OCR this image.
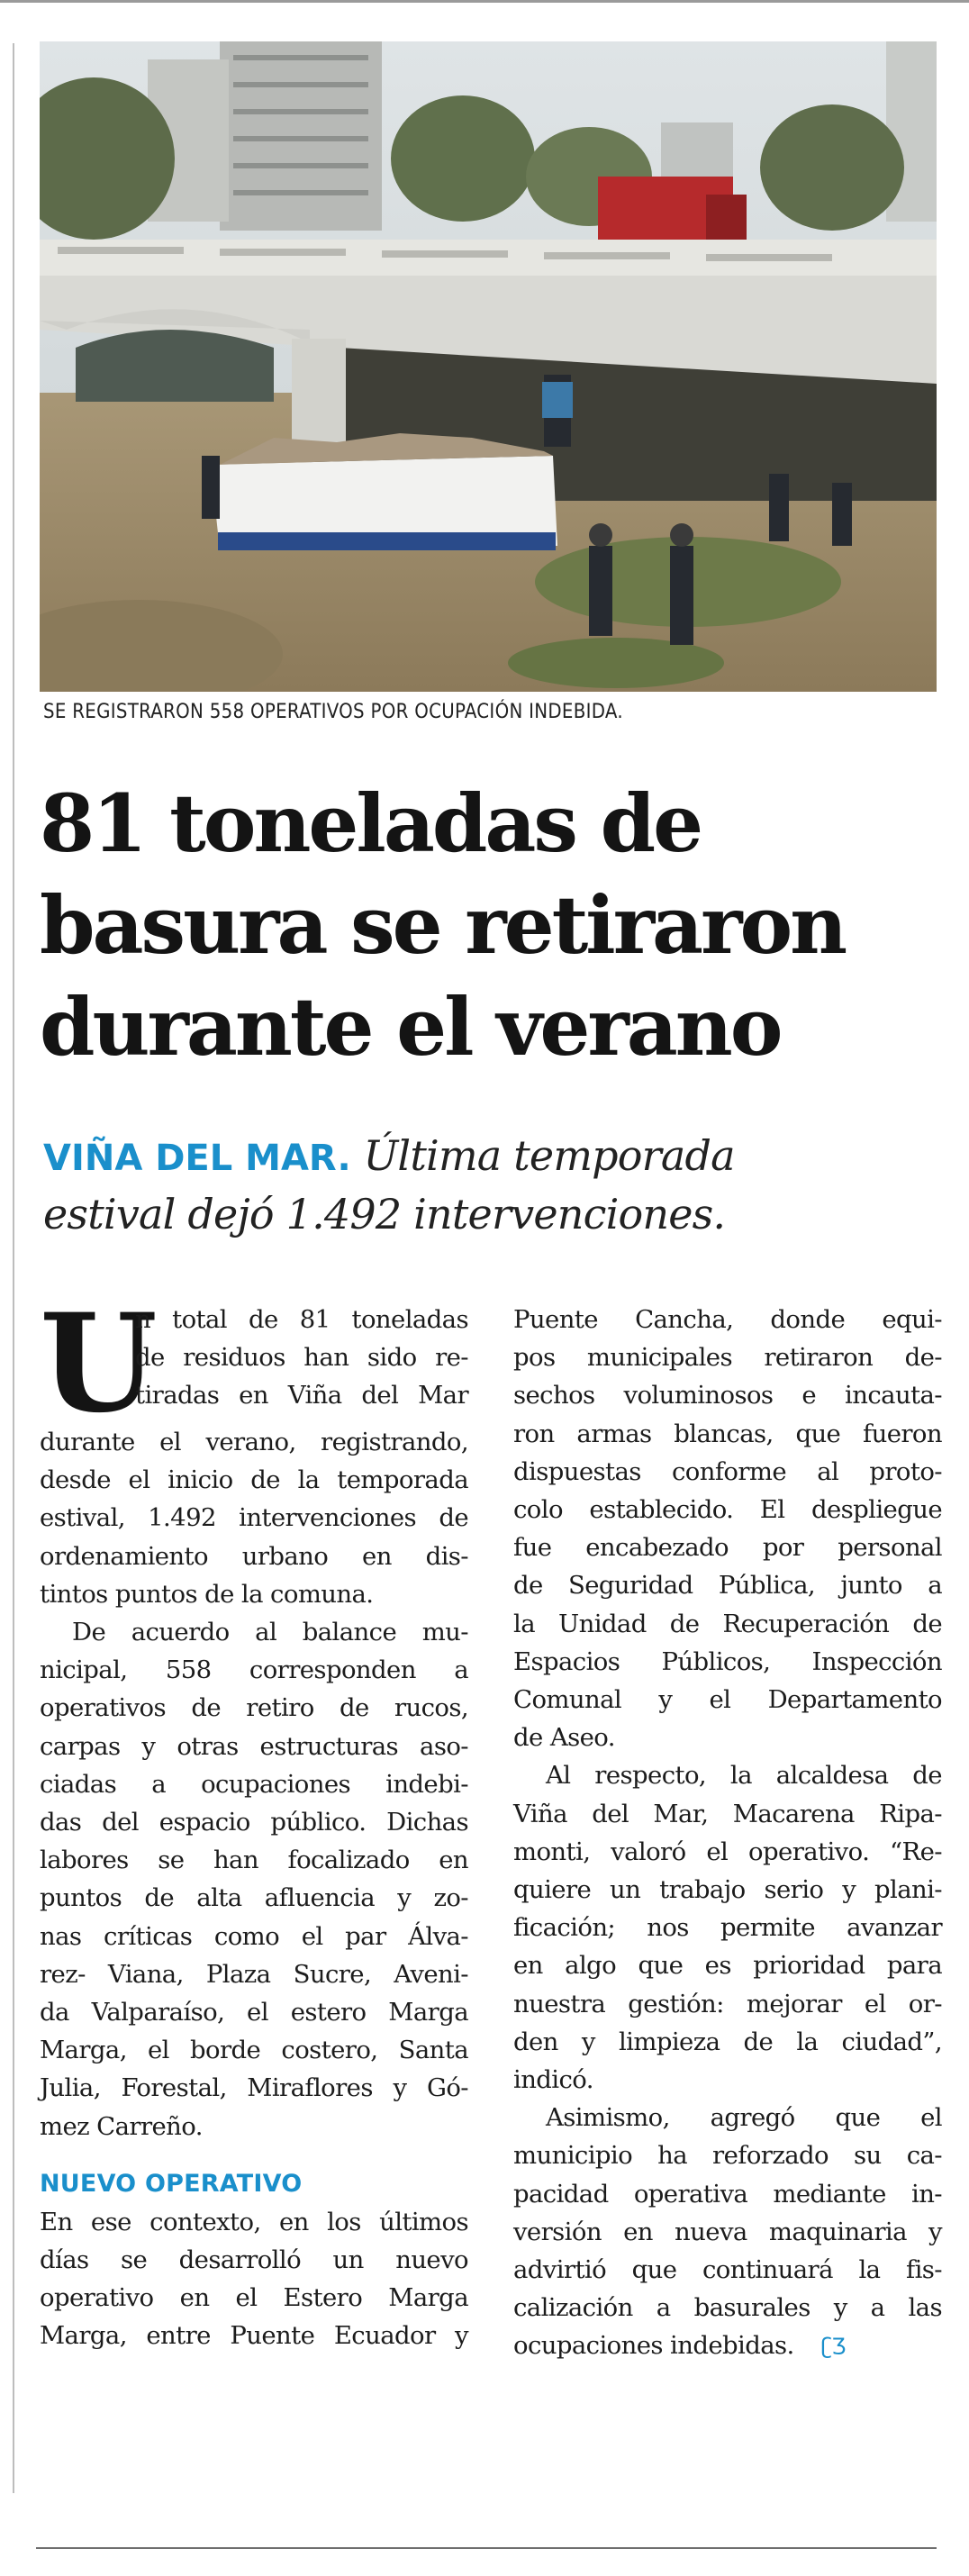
SE REGISTRARON 558 OPERATIVOS POR OCUPACIÓN INDEBIDA.
81 toneladas de
basura se retiraron
durante el verano
VIÑA DEL MAR. Última temporada
estival dejó 1.492 intervenciones.
U
n total de 81 toneladas
de residuos han sido re-
tiradas en Viña del Mar

durante el verano, registrando,
desde el inicio de la temporada
estival, 1.492 intervenciones de
ordenamiento urbano en dis-
tintos puntos de la comuna.

De acuerdo al balance mu-
nicipal, 558 corresponden a
operativos de retiro de rucos,
carpas y otras estructuras aso-
ciadas a ocupaciones indebi-
das del espacio público. Dichas
labores se han focalizado en
puntos de alta afluencia y zo-
nas críticas como el par Álva-
rez- Viana, Plaza Sucre, Aveni-
da Valparaíso, el estero Marga
Marga, el borde costero, Santa
Julia, Forestal, Miraflores y Gó-
mez Carreño.

NUEVO OPERATIVO

En ese contexto, en los últimos
días se desarrolló un nuevo
operativo en el Estero Marga
Marga, entre Puente Ecuador y

Puente Cancha, donde equi-
pos municipales retiraron de-
sechos voluminosos e incauta-
ron armas blancas, que fueron
dispuestas conforme al proto-
colo establecido. El despliegue
fue encabezado por personal
de Seguridad Pública, junto a
la Unidad de Recuperación de
Espacios Públicos, Inspección
Comunal y el Departamento
de Aseo.

Al respecto, la alcaldesa de
Viña del Mar, Macarena Ripa-
monti, valoró el operativo. “Re-
quiere un trabajo serio y plani-
ficación; nos permite avanzar
en algo que es prioridad para
nuestra gestión: mejorar el or-
den y limpieza de la ciudad”,
indicó.

Asimismo, agregó que el
municipio ha reforzado su ca-
pacidad operativa mediante in-
versión en nueva maquinaria y
advirtió que continuará la fis-
calización a basurales y a las
ocupaciones indebidas. ʗƷ
